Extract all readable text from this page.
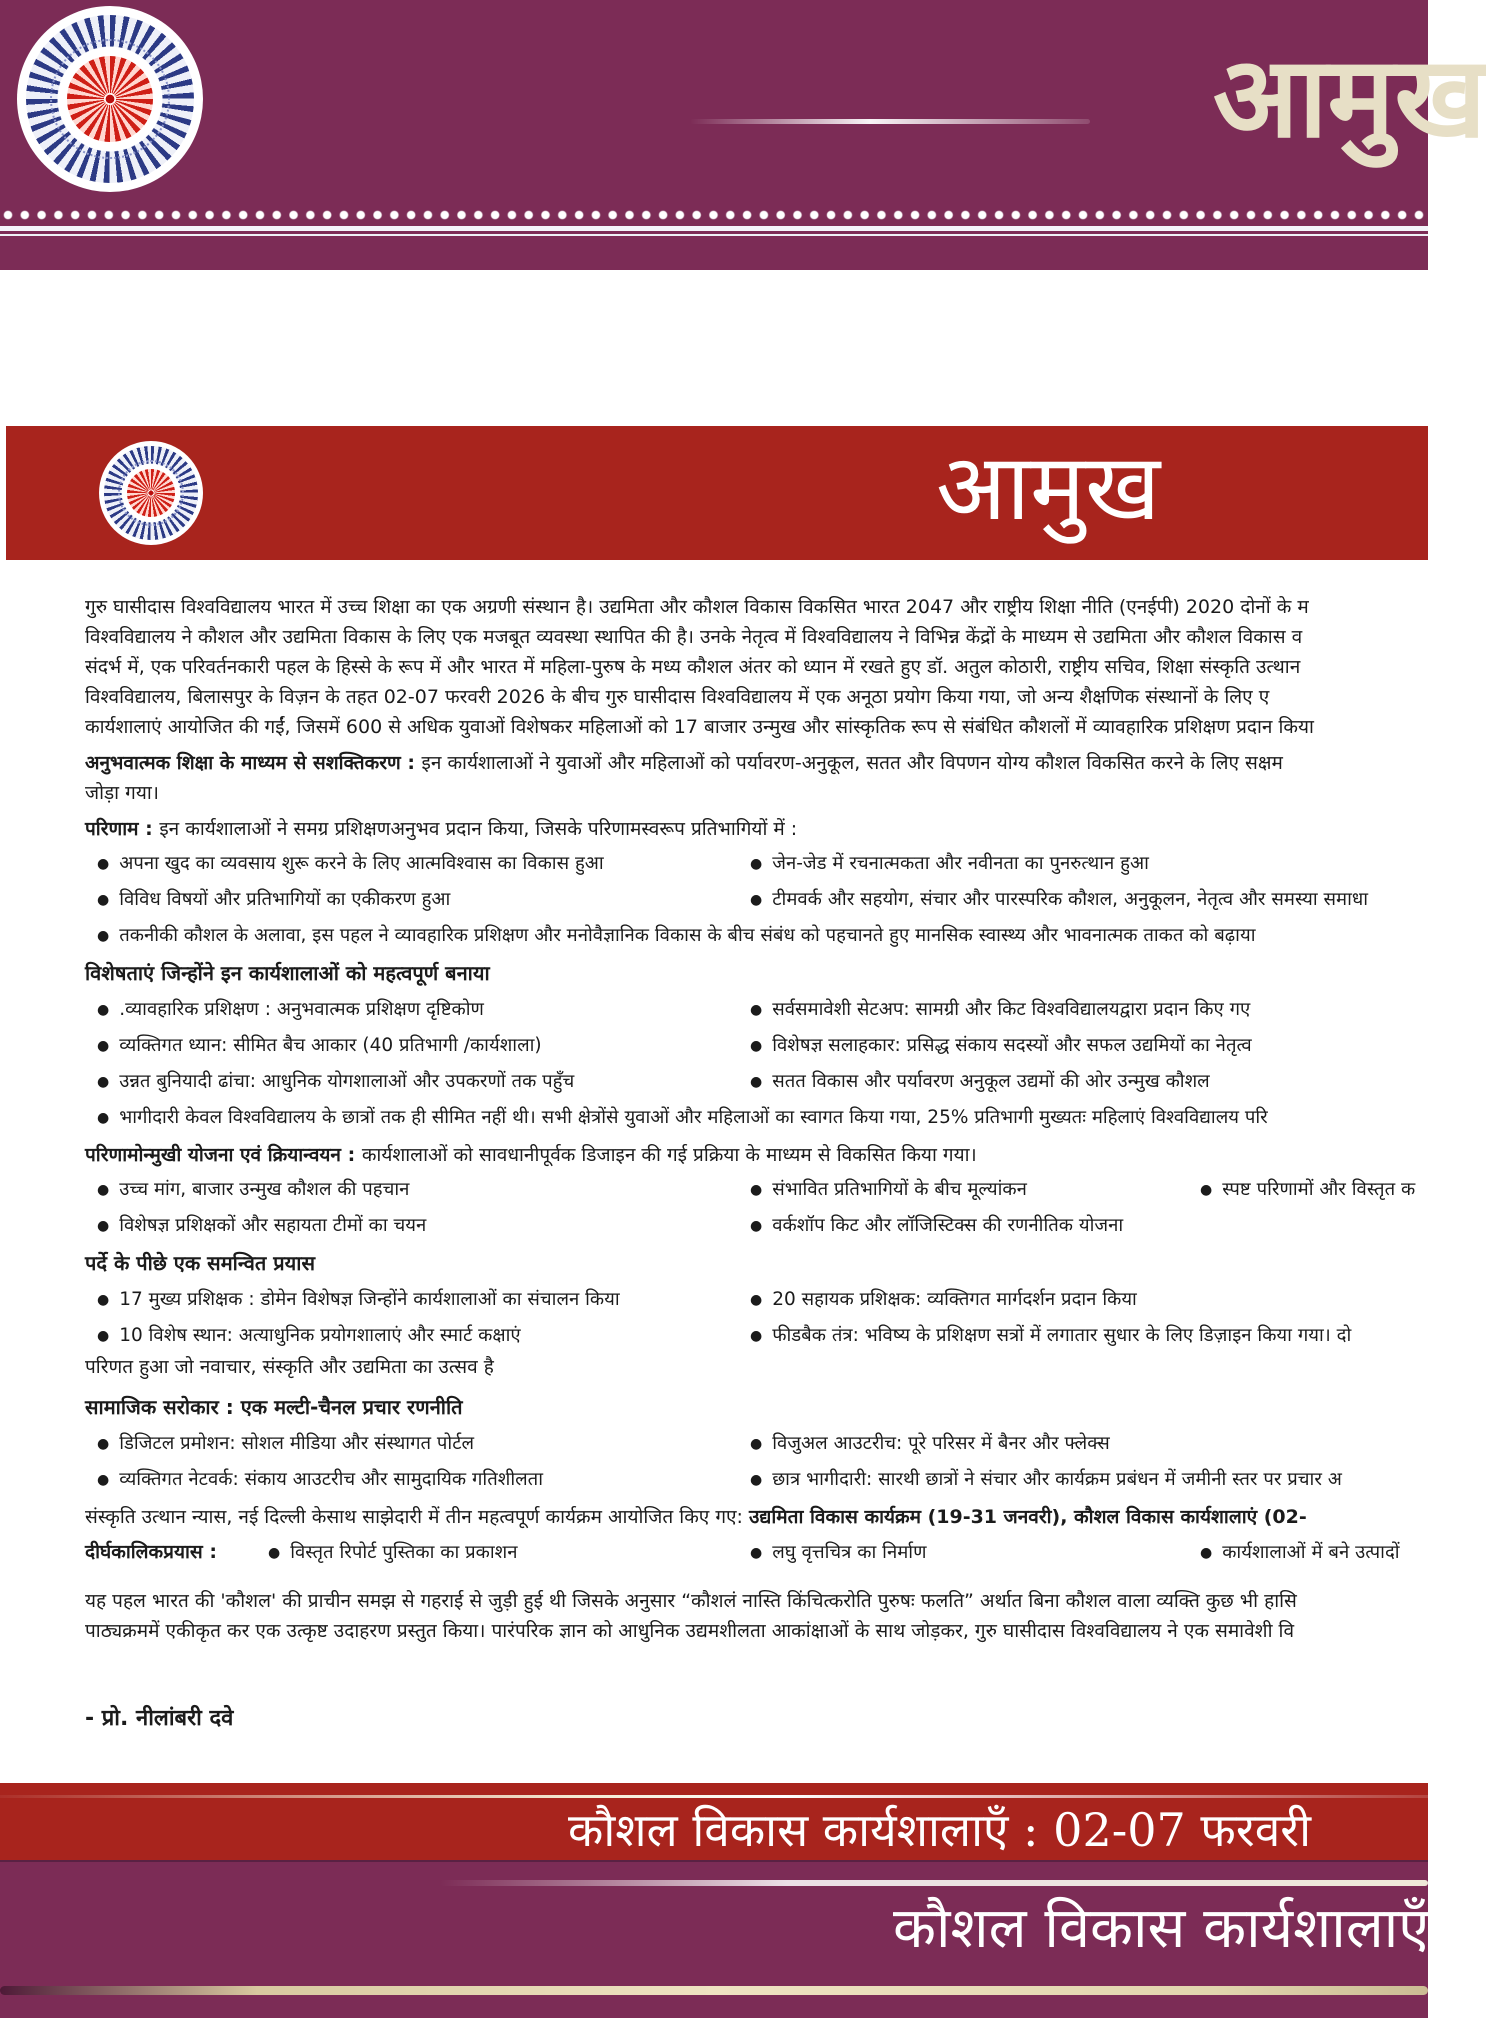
आमुख
आमुख
गुरु घासीदास विश्वविद्यालय भारत में उच्च शिक्षा का एक अग्रणी संस्थान है। उद्यमिता और कौशल विकास विकसित भारत 2047 और राष्ट्रीय शिक्षा नीति (एनईपी) 2020 दोनों के म
विश्वविद्यालय ने कौशल और उद्यमिता विकास के लिए एक मजबूत व्यवस्था स्थापित की है। उनके नेतृत्व में विश्वविद्यालय ने विभिन्न केंद्रों के माध्यम से उद्यमिता और कौशल विकास व
संदर्भ में, एक परिवर्तनकारी पहल के हिस्से के रूप में और भारत में महिला-पुरुष के मध्य कौशल अंतर को ध्यान में रखते हुए डॉ. अतुल कोठारी, राष्ट्रीय सचिव, शिक्षा संस्कृति उत्थान
विश्वविद्यालय, बिलासपुर के विज़न के तहत 02-07 फरवरी 2026 के बीच गुरु घासीदास विश्वविद्यालय में एक अनूठा प्रयोग किया गया, जो अन्य शैक्षणिक संस्थानों के लिए ए
कार्यशालाएं आयोजित की गईं, जिसमें 600 से अधिक युवाओं विशेषकर महिलाओं को 17 बाजार उन्मुख और सांस्कृतिक रूप से संबंधित कौशलों में व्यावहारिक प्रशिक्षण प्रदान किया
अनुभवात्मक शिक्षा के माध्यम से सशक्तिकरण : इन कार्यशालाओं ने युवाओं और महिलाओं को पर्यावरण-अनुकूल, सतत और विपणन योग्य कौशल विकसित करने के लिए सक्षम
जोड़ा गया।
परिणाम : इन कार्यशालाओं ने समग्र प्रशिक्षणअनुभव प्रदान किया, जिसके परिणामस्वरूप प्रतिभागियों में :
● अपना खुद का व्यवसाय शुरू करने के लिए आत्मविश्वास का विकास हुआ	● जेन-जेड में रचनात्मकता और नवीनता का पुनरुत्थान हुआ
● विविध विषयों और प्रतिभागियों का एकीकरण हुआ	● टीमवर्क और सहयोग, संचार और पारस्परिक कौशल, अनुकूलन, नेतृत्व और समस्या समाधा
● तकनीकी कौशल के अलावा, इस पहल ने व्यावहारिक प्रशिक्षण और मनोवैज्ञानिक विकास के बीच संबंध को पहचानते हुए मानसिक स्वास्थ्य और भावनात्मक ताकत को बढ़ाया
विशेषताएं जिन्होंने इन कार्यशालाओं को महत्वपूर्ण बनाया
● .व्यावहारिक प्रशिक्षण : अनुभवात्मक प्रशिक्षण दृष्टिकोण	● सर्वसमावेशी सेटअप: सामग्री और किट विश्वविद्यालयद्वारा प्रदान किए गए
● व्यक्तिगत ध्यान: सीमित बैच आकार (40 प्रतिभागी /कार्यशाला)	● विशेषज्ञ सलाहकार: प्रसिद्ध संकाय सदस्यों और सफल उद्यमियों का नेतृत्व
● उन्नत बुनियादी ढांचा: आधुनिक योगशालाओं और उपकरणों तक पहुँच	● सतत विकास और पर्यावरण अनुकूल उद्यमों की ओर उन्मुख कौशल
● भागीदारी केवल विश्वविद्यालय के छात्रों तक ही सीमित नहीं थी। सभी क्षेत्रोंसे युवाओं और महिलाओं का स्वागत किया गया, 25% प्रतिभागी मुख्यतः महिलाएं विश्वविद्यालय परि
परिणामोन्मुखी योजना एवं क्रियान्वयन : कार्यशालाओं को सावधानीपूर्वक डिजाइन की गई प्रक्रिया के माध्यम से विकसित किया गया।
● उच्च मांग, बाजार उन्मुख कौशल की पहचान	● संभावित प्रतिभागियों के बीच मूल्यांकन	● स्पष्ट परिणामों और विस्तृत क
● विशेषज्ञ प्रशिक्षकों और सहायता टीमों का चयन	● वर्कशॉप किट और लॉजिस्टिक्स की रणनीतिक योजना
पर्दे के पीछे एक समन्वित प्रयास
● 17 मुख्य प्रशिक्षक : डोमेन विशेषज्ञ जिन्होंने कार्यशालाओं का संचालन किया	● 20 सहायक प्रशिक्षक: व्यक्तिगत मार्गदर्शन प्रदान किया
● 10 विशेष स्थान: अत्याधुनिक प्रयोगशालाएं और स्मार्ट कक्षाएं	● फीडबैक तंत्र: भविष्य के प्रशिक्षण सत्रों में लगातार सुधार के लिए डिज़ाइन किया गया। दो
परिणत हुआ जो नवाचार, संस्कृति और उद्यमिता का उत्सव है
सामाजिक सरोकार : एक मल्टी-चैनल प्रचार रणनीति
● डिजिटल प्रमोशन: सोशल मीडिया और संस्थागत पोर्टल	● विजुअल आउटरीच: पूरे परिसर में बैनर और फ्लेक्स
● व्यक्तिगत नेटवर्क: संकाय आउटरीच और सामुदायिक गतिशीलता	● छात्र भागीदारी: सारथी छात्रों ने संचार और कार्यक्रम प्रबंधन में जमीनी स्तर पर प्रचार अ
संस्कृति उत्थान न्यास, नई दिल्ली केसाथ साझेदारी में तीन महत्वपूर्ण कार्यक्रम आयोजित किए गए: उद्यमिता विकास कार्यक्रम (19-31 जनवरी), कौशल विकास कार्यशालाएं (02-
दीर्घकालिकप्रयास :	● विस्तृत रिपोर्ट पुस्तिका का प्रकाशन	● लघु वृत्तचित्र का निर्माण	● कार्यशालाओं में बने उत्पादों
यह पहल भारत की 'कौशल' की प्राचीन समझ से गहराई से जुड़ी हुई थी जिसके अनुसार “कौशलं नास्ति किंचित्करोति पुरुषः फलति” अर्थात बिना कौशल वाला व्यक्ति कुछ भी हासि
पाठ्यक्रममें एकीकृत कर एक उत्कृष्ट उदाहरण प्रस्तुत किया। पारंपरिक ज्ञान को आधुनिक उद्यमशीलता आकांक्षाओं के साथ जोड़कर, गुरु घासीदास विश्वविद्यालय ने एक समावेशी वि
- प्रो. नीलांबरी दवे
कौशल विकास कार्यशालाएँ : 02-07 फरवरी
कौशल विकास कार्यशालाएँ
